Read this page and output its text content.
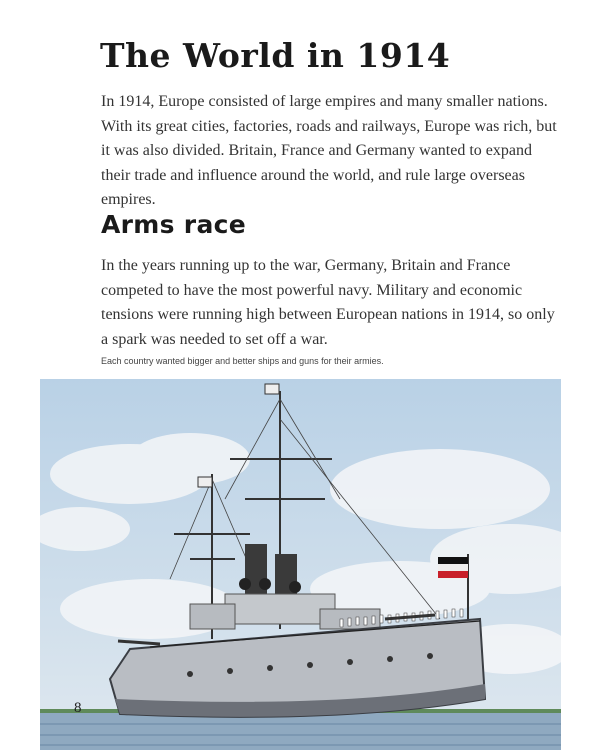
The World in 1914

In 1914, Europe consisted of large empires and many smaller nations. With its great cities, factories, roads and railways, Europe was rich, but it was also divided. Britain, France and Germany wanted to expand their trade and influence around the world, and rule large overseas empires.

Arms race

In the years running up to the war, Germany, Britain and France competed to have the most powerful navy. Military and economic tensions were running high between European nations in 1914, so only a spark was needed to set off a war.

Each country wanted bigger and better ships and guns for their armies.

8
